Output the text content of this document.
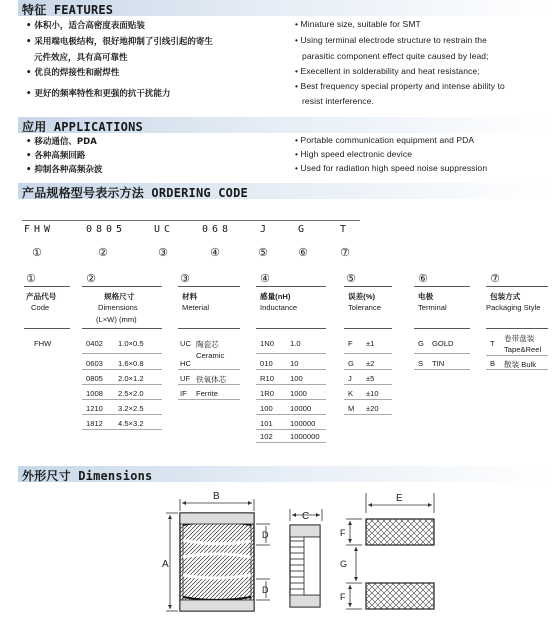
特征 FEATURES
• 体积小，适合高密度表面贴装
• 采用端电极结构，很好地抑制了引线引起的寄生
元件效应，具有高可靠性
• 优良的焊接性和耐焊性
• 更好的频率特性和更强的抗干扰能力
• Minature size, suitable for SMT
• Using terminal electrode structure to restrain the
parasitic component effect quite caused by lead;
• Execellent in solderability and heat resistance;
• Best frequency special property and intense ability to
resist interference.
应用 APPLICATIONS
• 移动通信、PDA
• 各种高频回路
• 抑制各种高频杂波
• Portable communication equipment and PDA
• High speed electronic device
• Used for radiation high speed noise suppression
产品规格型号表示方法 ORDERING CODE
FHW	0805	UC	068	J	G	T
①	②	③	④	⑤	⑥	⑦
①
产品代号
Code
FHW
②
规格尺寸
Dimensions
(L×W) (mm)
0402 1.0×0.5
0603 1.6×0.8
0805 2.0×1.2
1008 2.5×2.0
1210 3.2×2.5
1812 4.5×3.2
③
材料
Meterial
UC 陶瓷芯
Ceramic
HC
UF 铁氧体芯
IF Ferrite
④
感量(nH)
Inductance
1N0 1.0
010 10
R10 100
1R0 1000
100 10000
101 100000
102 1000000
⑤
误差(%)
Tolerance
F ±1
G ±2
J ±5
K ±10
M ±20
⑥
电极
Terminal
G GOLD
S TIN
⑦
包装方式
Packaging Style
T
卷带盘装
Tape&Reel
B 散装 Bulk
外形尺寸 Dimensions
B
A
D
D
C
E
F
F
G
